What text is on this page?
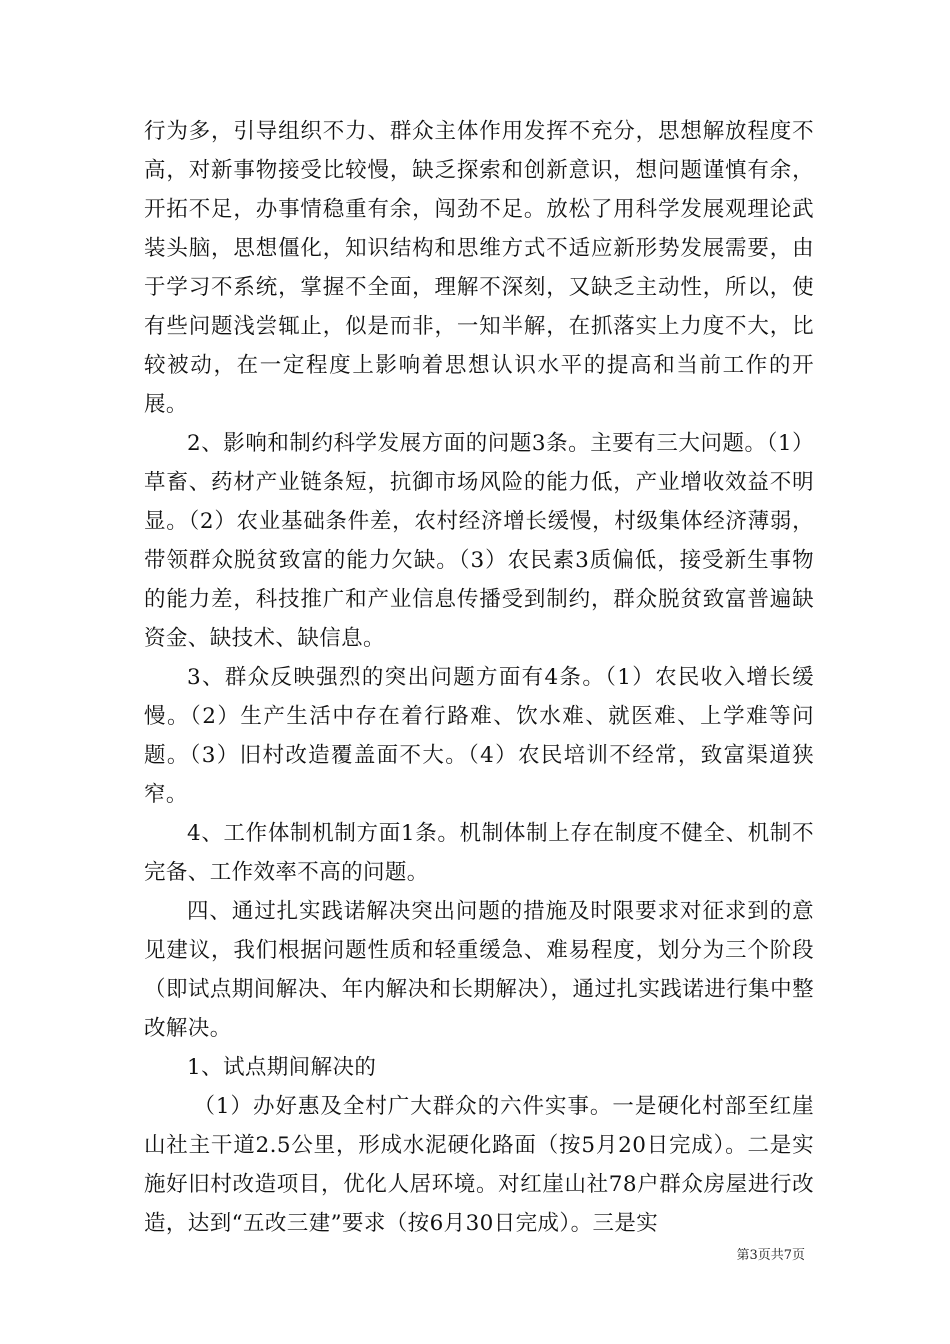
行为多，引导组织不力、群众主体作用发挥不充分，思想解放程度不高，对新事物接受比较慢，缺乏探索和创新意识，想问题谨慎有余，开拓不足，办事情稳重有余，闯劲不足。放松了用科学发展观理论武装头脑，思想僵化，知识结构和思维方式不适应新形势发展需要，由于学习不系统，掌握不全面，理解不深刻，又缺乏主动性，所以，使有些问题浅尝辄止，似是而非，一知半解，在抓落实上力度不大，比较被动，在一定程度上影响着思想认识水平的提高和当前工作的开展。

2、影响和制约科学发展方面的问题3条。主要有三大问题。（1）草畜、药材产业链条短，抗御市场风险的能力低，产业增收效益不明显。（2）农业基础条件差，农村经济增长缓慢，村级集体经济薄弱，带领群众脱贫致富的能力欠缺。（3）农民素3质偏低，接受新生事物的能力差，科技推广和产业信息传播受到制约，群众脱贫致富普遍缺资金、缺技术、缺信息。

3、群众反映强烈的突出问题方面有4条。（1）农民收入增长缓慢。（2）生产生活中存在着行路难、饮水难、就医难、上学难等问题。（3）旧村改造覆盖面不大。（4）农民培训不经常，致富渠道狭窄。

4、工作体制机制方面1条。机制体制上存在制度不健全、机制不完备、工作效率不高的问题。

四、通过扎实践诺解决突出问题的措施及时限要求对征求到的意见建议，我们根据问题性质和轻重缓急、难易程度，划分为三个阶段（即试点期间解决、年内解决和长期解决），通过扎实践诺进行集中整改解决。

1、试点期间解决的

（1）办好惠及全村广大群众的六件实事。一是硬化村部至红崖山社主干道2.5公里，形成水泥硬化路面（按5月20日完成）。二是实施好旧村改造项目，优化人居环境。对红崖山社78户群众房屋进行改造，达到“五改三建”要求（按6月30日完成）。三是实

第3页共7页
